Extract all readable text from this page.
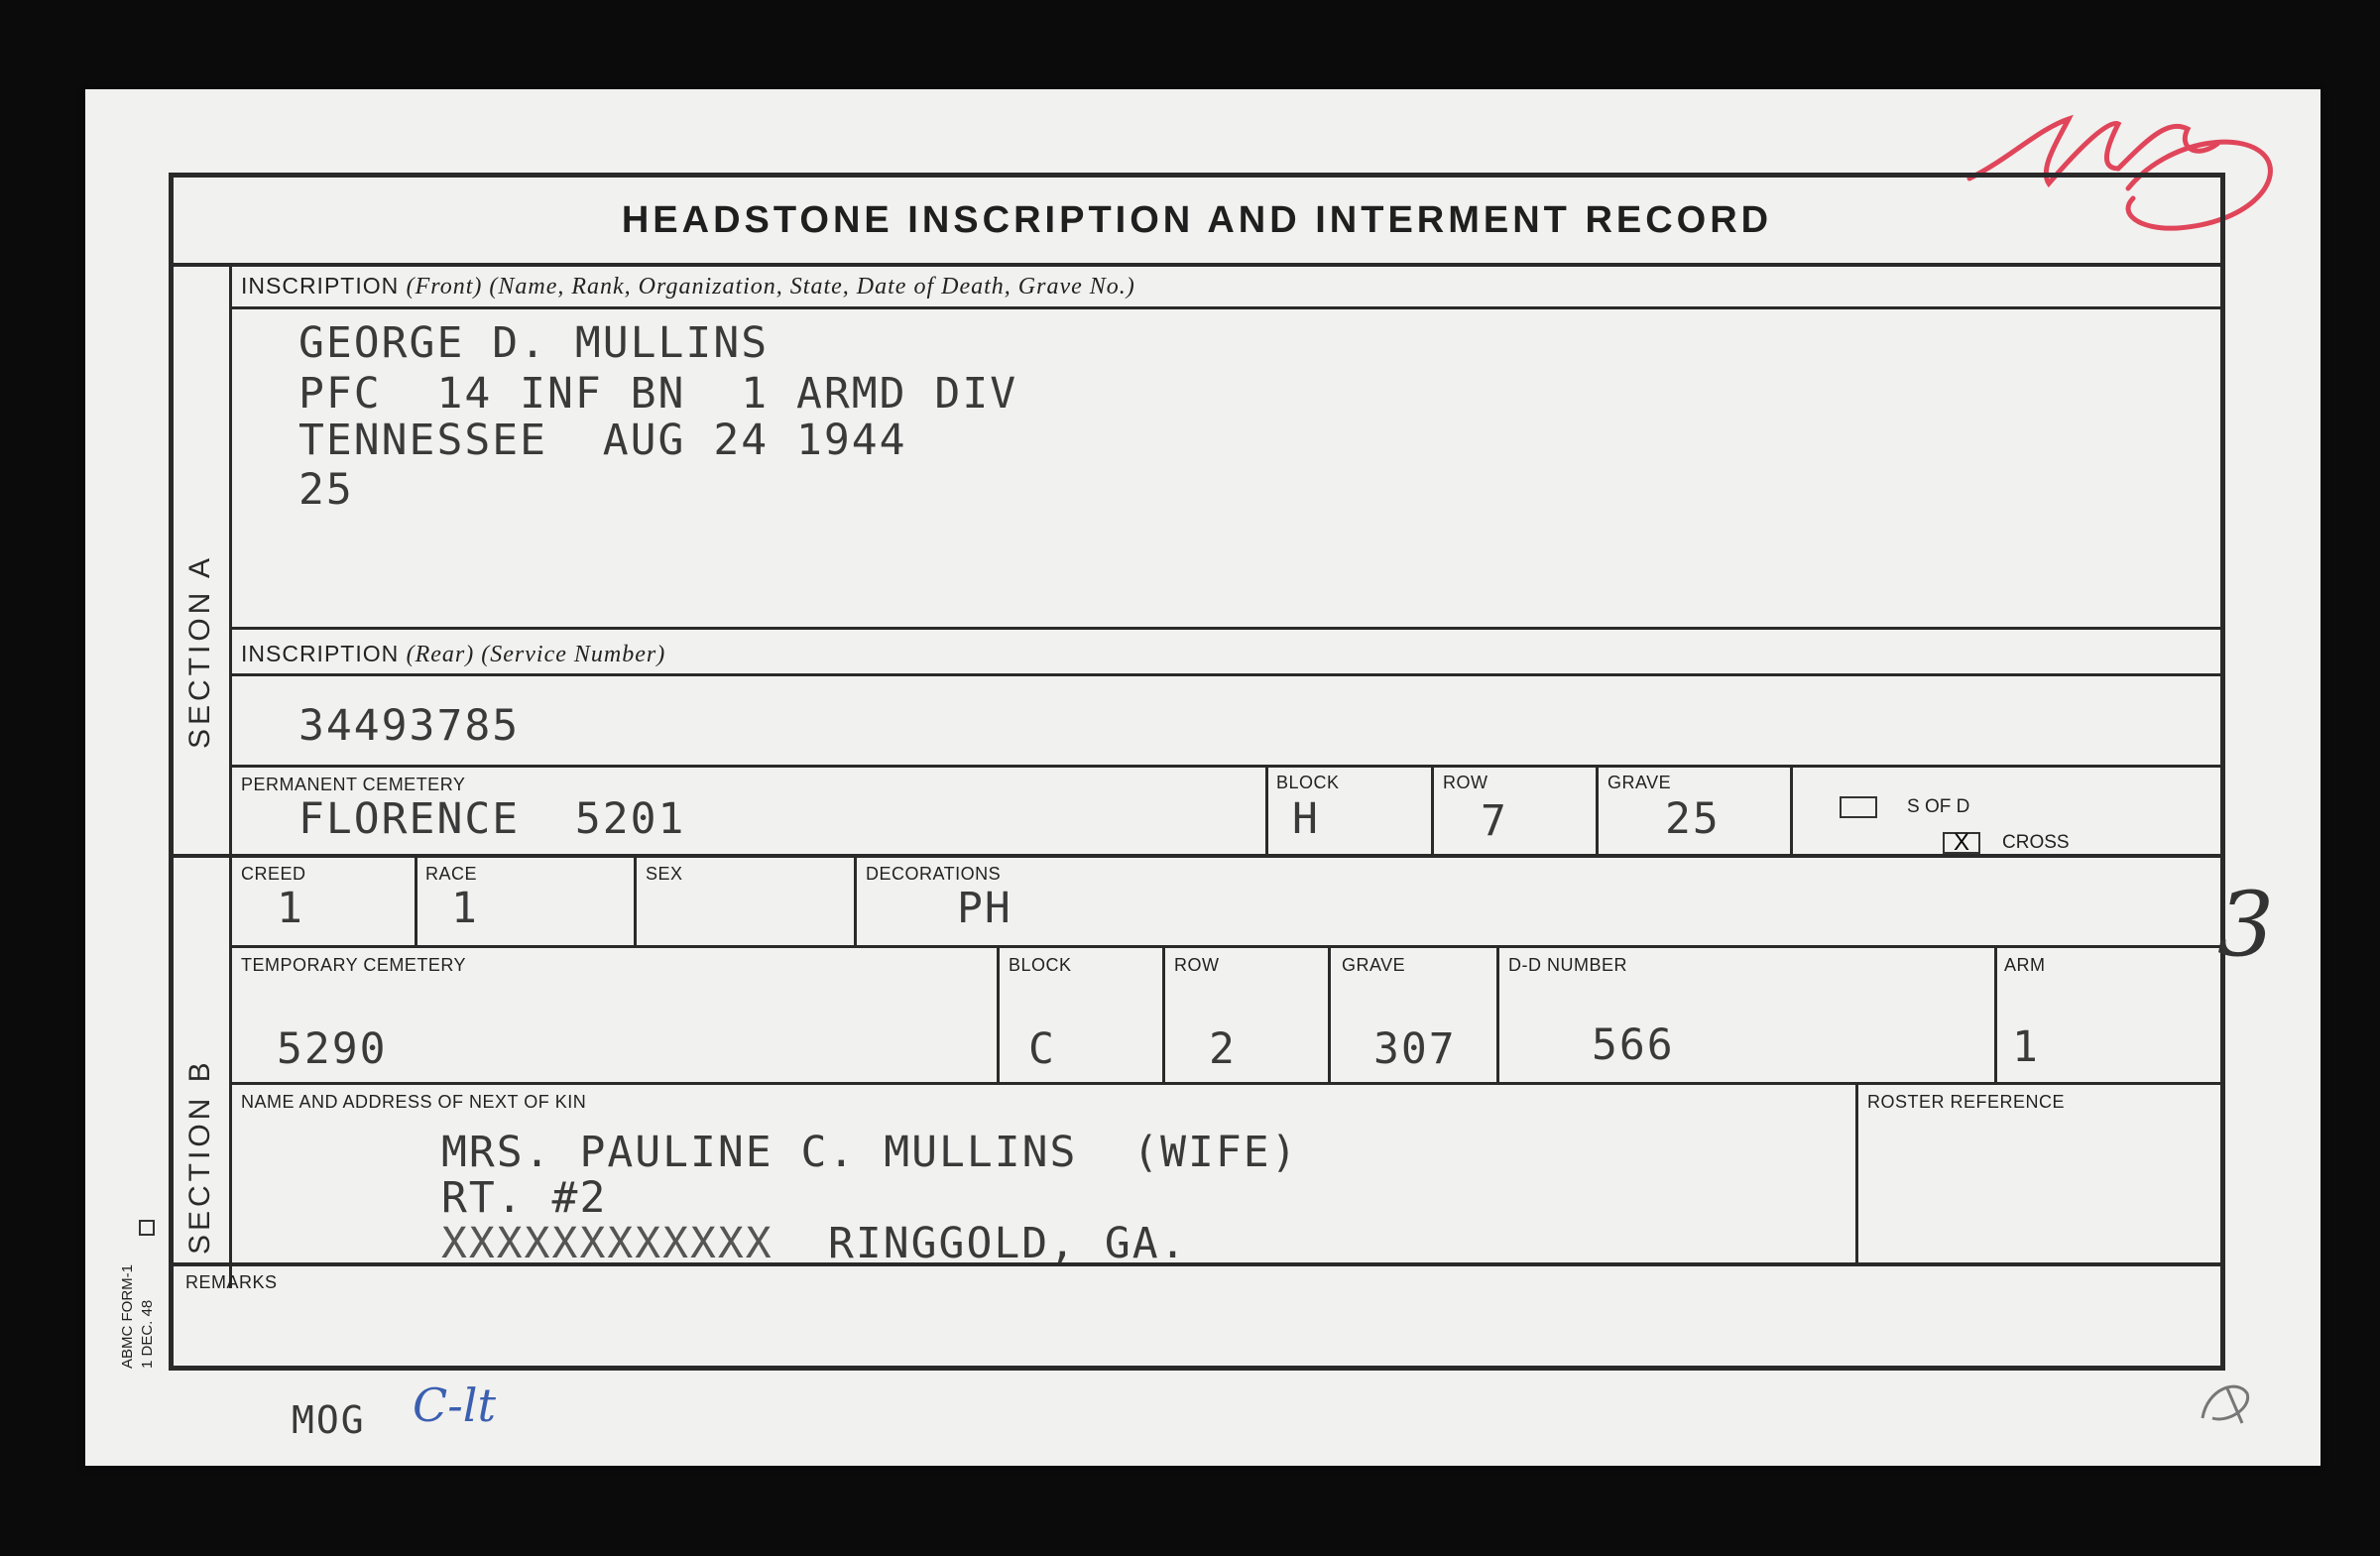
HEADSTONE INSCRIPTION AND INTERMENT RECORD
SECTION A
SECTION B
INSCRIPTION (Front) (Name, Rank, Organization, State, Date of Death, Grave No.)
GEORGE D. MULLINS
PFC  14 INF BN  1 ARMD DIV
TENNESSEE  AUG 24 1944
25
INSCRIPTION (Rear) (Service Number)
34493785
PERMANENT CEMETERY
FLORENCE  5201
BLOCK
H
ROW
7
GRAVE
25	S OF D
X CROSS
CREED
1
RACE
1
SEX	DECORATIONS
PH
TEMPORARY CEMETERY
5290
BLOCK
C
ROW
2
GRAVE
307
D-D NUMBER
566
ARM
1
NAME AND ADDRESS OF NEXT OF KIN
MRS. PAULINE C. MULLINS  (WIFE)
RT. #2
XXXXXXXXXXXX RINGGOLD, GA.
ROSTER REFERENCE
REMARKS
ABMC FORM-1 1 DEC. 48
MOG C-lt
3
